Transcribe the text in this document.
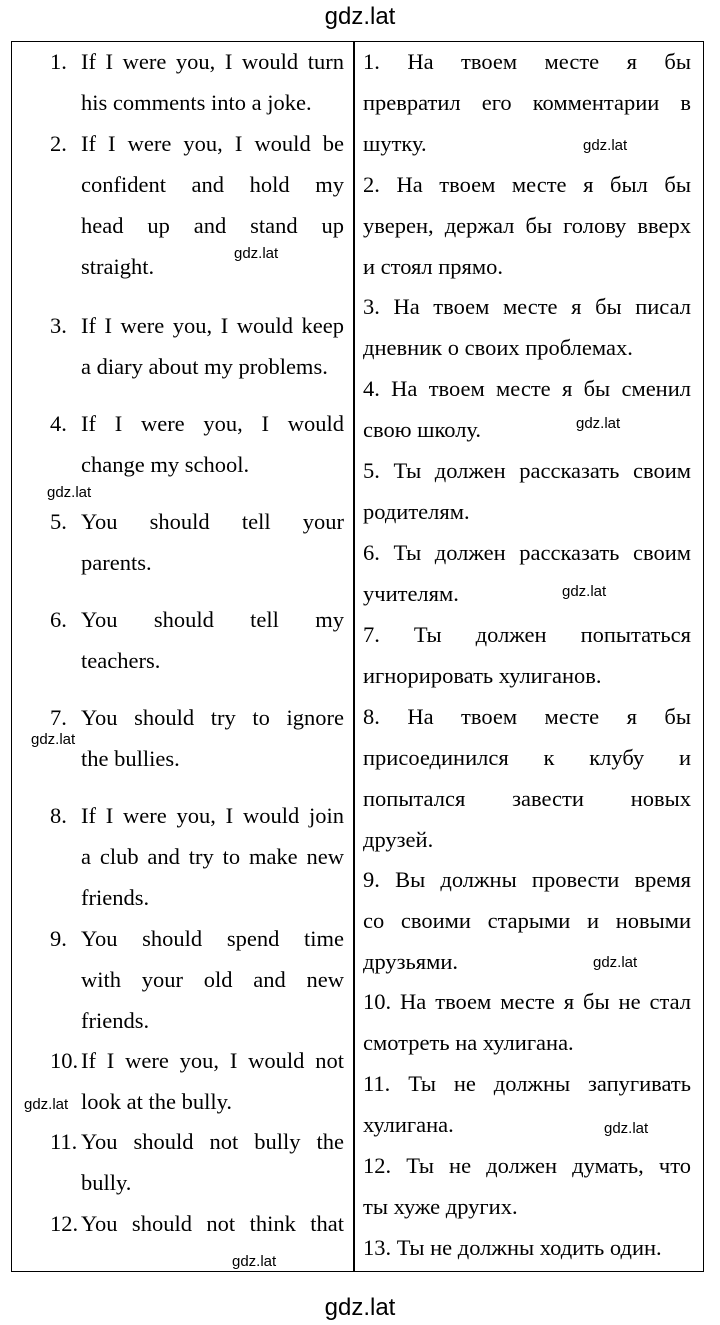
gdz.lat
1. If I were you, I would turn
his comments into a joke.
2. If I were you, I would be
confident and hold my
head up and stand up
straight.
3. If I were you, I would keep
a diary about my problems.
4. If I were you, I would
change my school.
5. You should tell your
parents.
6. You should tell my
teachers.
7. You should try to ignore
the bullies.
8. If I were you, I would join
a club and try to make new
friends.
9. You should spend time
with your old and new
friends.
10. If I were you, I would not
look at the bully.
11. You should not bully the
bully.
12. You should not think that
1. На твоем месте я бы
превратил его комментарии в
шутку.
2. На твоем месте я был бы
уверен, держал бы голову вверх
и стоял прямо.
3. На твоем месте я бы писал
дневник о своих проблемах.
4. На твоем месте я бы сменил
свою школу.
5. Ты должен рассказать своим
родителям.
6. Ты должен рассказать своим
учителям.
7. Ты должен попытаться
игнорировать хулиганов.
8. На твоем месте я бы
присоединился к клубу и
попытался завести новых
друзей.
9. Вы должны провести время
со своими старыми и новыми
друзьями.
10. На твоем месте я бы не стал
смотреть на хулигана.
11. Ты не должны запугивать
хулигана.
12. Ты не должен думать, что
ты хуже других.
13. Ты не должны ходить один.
gdz.lat
gdz.lat
gdz.lat
gdz.lat
gdz.lat
gdz.lat
gdz.lat
gdz.lat
gdz.lat
gdz.lat
gdz.lat
